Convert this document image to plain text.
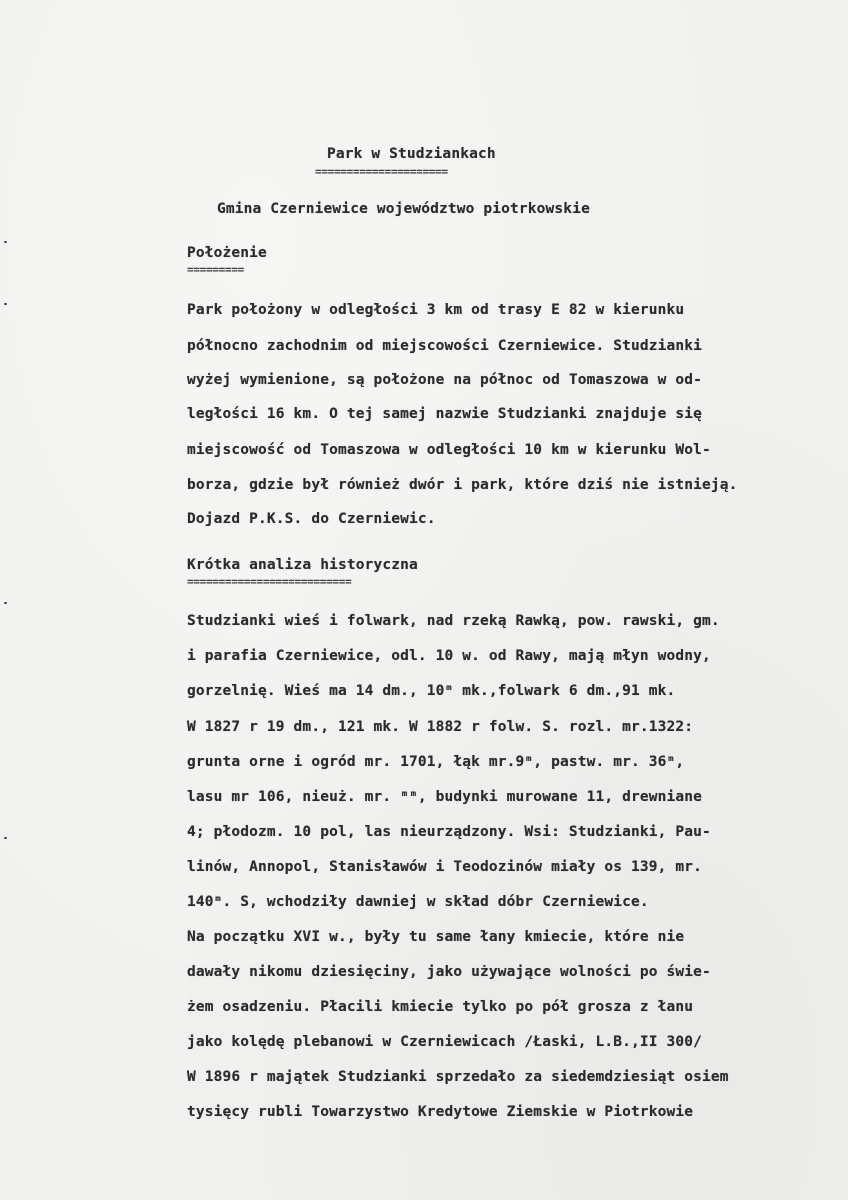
Park w Studziankach
=====================
Gmina Czerniewice województwo piotrkowskie
Położenie
=========
Park położony w odległości 3 km od trasy E 82 w kierunku
północno zachodnim od miejscowości Czerniewice. Studzianki
wyżej wymienione, są położone na północ od Tomaszowa w od-
ległości 16 km. O tej samej nazwie Studzianki znajduje się
miejscowość od Tomaszowa w odległości 10 km w kierunku Wol-
borza, gdzie był również dwór i park, które dziś nie istnieją.
Dojazd P.K.S. do Czerniewic.
Krótka analiza historyczna
==========================
Studzianki wieś i folwark, nad rzeką Rawką, pow. rawski, gm.
i parafia Czerniewice, odl. 10 w. od Rawy, mają młyn wodny,
gorzelnię. Wieś ma 14 dm., 10ᵐ mk.,folwark 6 dm.,91 mk.
W 1827 r 19 dm., 121 mk. W 1882 r folw. S. rozl. mr.1322:
grunta orne i ogród mr. 1701, łąk mr.9ᵐ, pastw. mr. 36ᵐ,
lasu mr 106, nieuż. mr. ᵐᵐ, budynki murowane 11, drewniane
4; płodozm. 10 pol, las nieurządzony. Wsi: Studzianki, Pau-
linów, Annopol, Stanisławów i Teodozinów miały os 139, mr.
140ᵐ. S, wchodziły dawniej w skład dóbr Czerniewice.
Na początku XVI w., były tu same łany kmiecie, które nie
dawały nikomu dziesięciny, jako używające wolności po świe-
żem osadzeniu. Płacili kmiecie tylko po pół grosza z łanu
jako kolędę plebanowi w Czerniewicach /Łaski, L.B.,II 300/
W 1896 r majątek Studzianki sprzedało za siedemdziesiąt osiem
tysięcy rubli Towarzystwo Kredytowe Ziemskie w Piotrkowie
